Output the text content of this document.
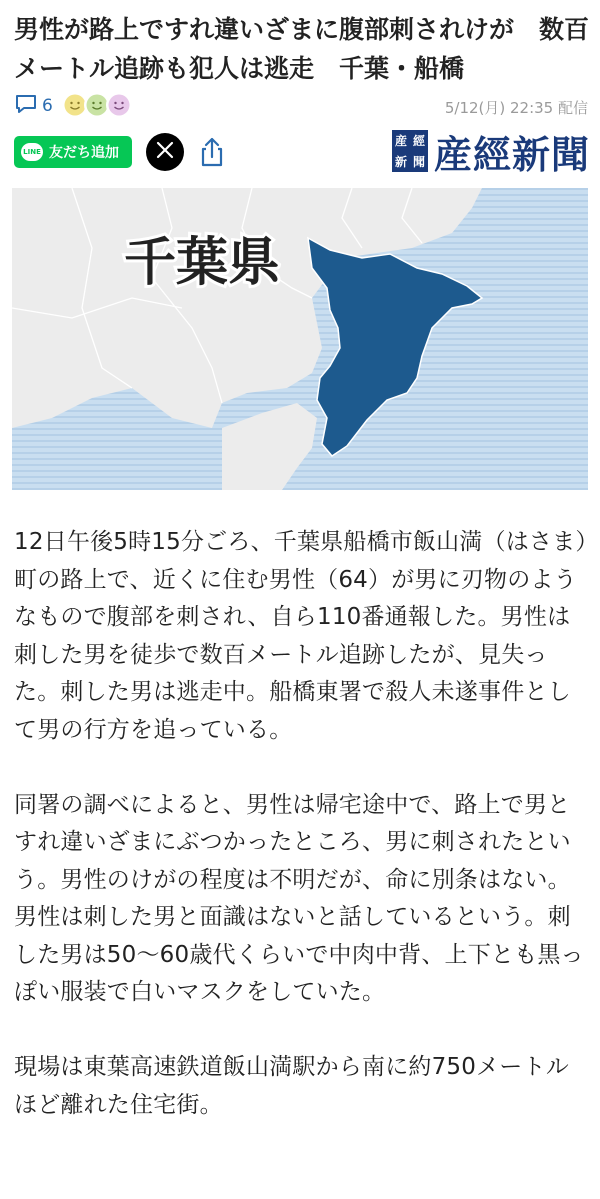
男性が路上ですれ違いざまに腹部刺されけが　数百メートル追跡も犯人は逃走　千葉・船橋
6	5/12(月) 22:35 配信
LINE 友だち追加
産 經
新 聞 産經新聞
千葉県

12日午後5時15分ごろ、千葉県船橋市飯山満（はさま）町の路上で、近くに住む男性（64）が男に刃物のようなもので腹部を刺され、自ら110番通報した。男性は刺した男を徒歩で数百メートル追跡したが、見失った。刺した男は逃走中。船橋東署で殺人未遂事件として男の行方を追っている。

同署の調べによると、男性は帰宅途中で、路上で男とすれ違いざまにぶつかったところ、男に刺されたという。男性のけがの程度は不明だが、命に別条はない。男性は刺した男と面識はないと話しているという。刺した男は50～60歳代くらいで中肉中背、上下とも黒っぽい服装で白いマスクをしていた。

現場は東葉高速鉄道飯山満駅から南に約750メートルほど離れた住宅街。
